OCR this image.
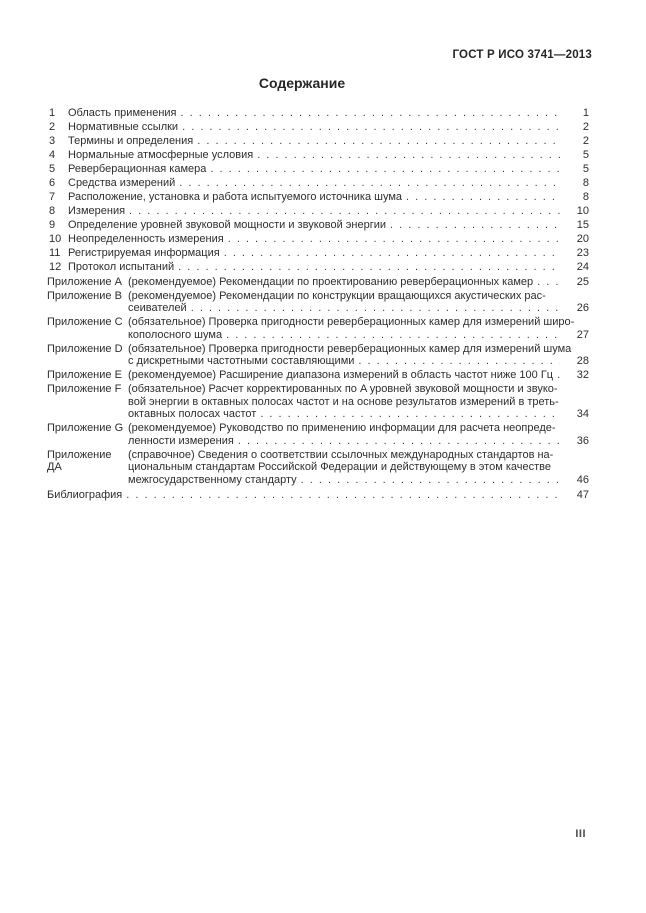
ГОСТ Р ИСО 3741—2013
Содержание
1	Область применения . . .	1
2	Нормативные ссылки . . .	2
3	Термины и определения . . .	2
4	Нормальные атмосферные условия . . .	5
5	Реверберационная камера . . .	5
6	Средства измерений . . .	8
7	Расположение, установка и работа испытуемого источника шума . . .	8
8	Измерения . . .	10
9	Определение уровней звуковой мощности и звуковой энергии . . .	15
10 Неопределенность измерения . . .	20
11 Регистрируемая информация . . .	23
12 Протокол испытаний . . .	24
Приложение А (рекомендуемое) Рекомендации по проектированию реверберационных камер . . .	25
Приложение В (рекомендуемое) Рекомендации по конструкции вращающихся акустических рас-
сеивателей . . .	26
Приложение С (обязательное) Проверка пригодности реверберационных камер для измерений широ-
кополосного шума . . .	27
Приложение D (обязательное) Проверка пригодности реверберационных камер для измерений шума
с дискретными частотными составляющими . . .	28
Приложение Е (рекомендуемое) Расширение диапазона измерений в область частот ниже 100 Гц . . .	32
Приложение F (обязательное) Расчет корректированных по A уровней звуковой мощности и звуко-
вой энергии в октавных полосах частот и на основе результатов измерений в треть-
октавных полосах частот . . .	34
Приложение G (рекомендуемое) Руководство по применению информации для расчета неопреде-
ленности измерения . . .	36
Приложение ДА
(справочное) Сведения о соответствии ссылочных международных стандартов на-
циональным стандартам Российской Федерации и действующему в этом качестве
межгосударственному стандарту . . .	46
Библиография . . .	47
III
